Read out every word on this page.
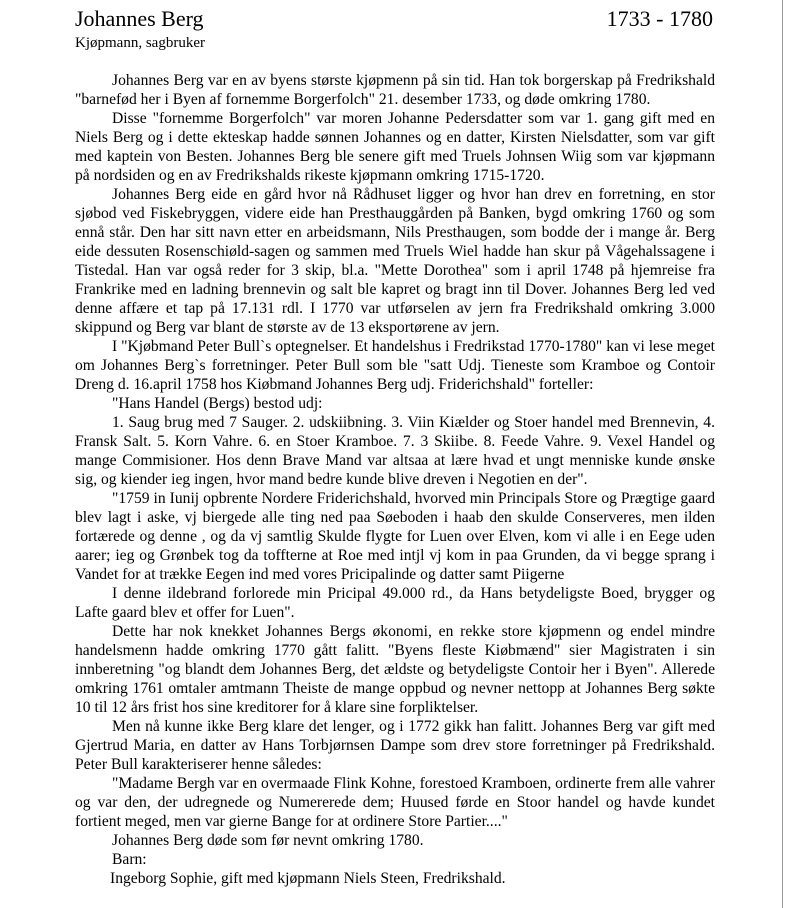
Johannes Berg	1733 - 1780
Kjøpmann, sagbruker

Johannes Berg var en av byens største kjøpmenn på sin tid. Han tok borgerskap på Fredrikshald "barnefød her i Byen af fornemme Borgerfolch" 21. desember 1733, og døde omkring 1780.

Disse "fornemme Borgerfolch" var moren Johanne Pedersdatter som var 1. gang gift med en Niels Berg og i dette ekteskap hadde sønnen Johannes og en datter, Kirsten Nielsdatter, som var gift med kaptein von Besten. Johannes Berg ble senere gift med Truels Johnsen Wiig som var kjøpmann på nordsiden og en av Fredrikshalds rikeste kjøpmann omkring 1715-1720.

Johannes Berg eide en gård hvor nå Rådhuset ligger og hvor han drev en forretning, en stor sjøbod ved Fiskebryggen, videre eide han Presthauggården på Banken, bygd omkring 1760 og som ennå står. Den har sitt navn etter en arbeidsmann, Nils Presthaugen, som bodde der i mange år. Berg eide dessuten Rosenschiøld-sagen og sammen med Truels Wiel hadde han skur på Vågehalssagene i Tistedal. Han var også reder for 3 skip, bl.a. "Mette Dorothea" som i april 1748 på hjemreise fra Frankrike med en ladning brennevin og salt ble kapret og bragt inn til Dover. Johannes Berg led ved denne affære et tap på 17.131 rdl. I 1770 var utførselen av jern fra Fredrikshald omkring 3.000 skippund og Berg var blant de største av de 13 eksportørene av jern.

I "Kjøbmand Peter Bull`s optegnelser. Et handelshus i Fredrikstad 1770-1780" kan vi lese meget om Johannes Berg`s forretninger. Peter Bull som ble "satt Udj. Tieneste som Kramboe og Contoir Dreng d. 16.april 1758 hos Kiøbmand Johannes Berg udj. Friderichshald" forteller:

"Hans Handel (Bergs) bestod udj:

1. Saug brug med 7 Sauger. 2. udskiibning. 3. Viin Kiælder og Stoer handel med Brennevin, 4. Fransk Salt. 5. Korn Vahre. 6. en Stoer Kramboe. 7. 3 Skiibe. 8. Feede Vahre. 9. Vexel Handel og mange Commisioner. Hos denn Brave Mand var altsaa at lære hvad et ungt menniske kunde ønske sig, og kiender ieg ingen, hvor mand bedre kunde blive dreven i Negotien en der".

"1759 in Iunij opbrente Nordere Friderichshald, hvorved min Principals Store og Prægtige gaard blev lagt i aske, vj biergede alle ting ned paa Søeboden i haab den skulde Conserveres, men ilden fortærede og denne , og da vj samtlig Skulde flygte for Luen over Elven, kom vi alle i en Eege uden aarer; ieg og Grønbek tog da toffterne at Roe med intjl vj kom in paa Grunden, da vi begge sprang i Vandet for at trække Eegen ind med vores Pricipalinde og datter samt Piigerne

I denne ildebrand forlorede min Pricipal 49.000 rd., da Hans betydeligste Boed, brygger og Lafte gaard blev et offer for Luen".

Dette har nok knekket Johannes Bergs økonomi, en rekke store kjøpmenn og endel mindre handelsmenn hadde omkring 1770 gått falitt. "Byens fleste Kiøbmænd" sier Magistraten i sin innberetning "og blandt dem Johannes Berg, det ældste og betydeligste Contoir her i Byen". Allerede omkring 1761 omtaler amtmann Theiste de mange oppbud og nevner nettopp at Johannes Berg søkte 10 til 12 års frist hos sine kreditorer for å klare sine forpliktelser.

Men nå kunne ikke Berg klare det lenger, og i 1772 gikk han falitt. Johannes Berg var gift med Gjertrud Maria, en datter av Hans Torbjørnsen Dampe som drev store forretninger på Fredrikshald. Peter Bull karakteriserer henne således:

"Madame Bergh var en overmaade Flink Kohne, forestoed Kramboen, ordinerte frem alle vahrer og var den, der udregnede og Numererede dem; Huused førde en Stoor handel og havde kundet fortient meged, men var gierne Bange for at ordinere Store Partier...."

Johannes Berg døde som før nevnt omkring 1780.

Barn:

Ingeborg Sophie, gift med kjøpmann Niels Steen, Fredrikshald.
